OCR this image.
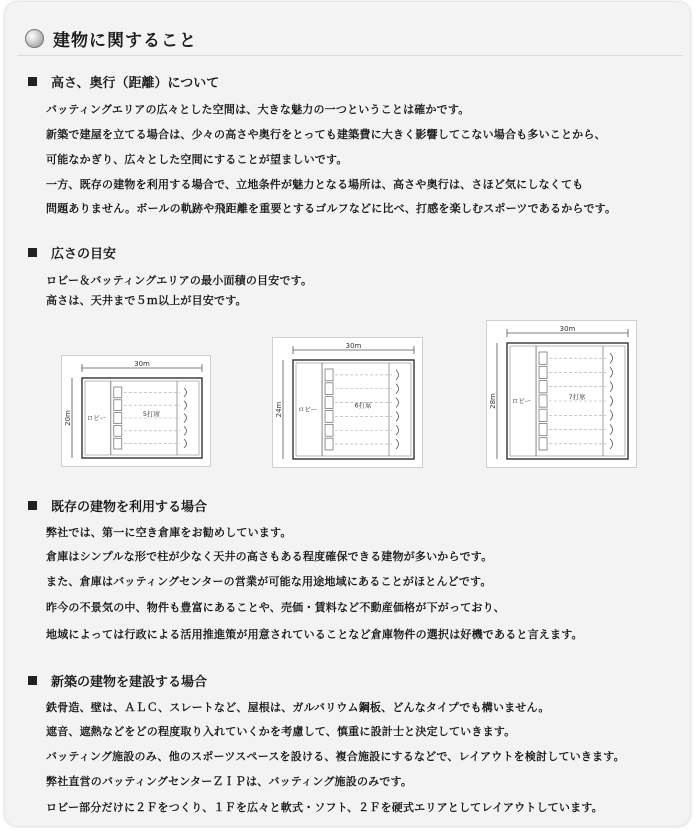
建物に関すること
高さ、奥行（距離）について
バッティングエリアの広々とした空間は、大きな魅力の一つということは確かです。
新築で建屋を立てる場合は、少々の高さや奥行をとっても建築費に大きく影響してこない場合も多いことから、
可能なかぎり、広々とした空間にすることが望ましいです。
一方、既存の建物を利用する場合で、立地条件が魅力となる場所は、高さや奥行は、さほど気にしなくても
問題ありません。ボールの軌跡や飛距離を重要とするゴルフなどに比べ、打感を楽しむスポーツであるからです。
広さの目安
ロビー＆バッティングエリアの最小面積の目安です。
高さは、天井まで５ｍ以上が目安です。
30m
20m ロビー	5打席
30m
24m ロビー	6打席
30m
28m ロビー	7打席
既存の建物を利用する場合
弊社では、第一に空き倉庫をお勧めしています。
倉庫はシンプルな形で柱が少なく天井の高さもある程度確保できる建物が多いからです。
また、倉庫はバッティングセンターの営業が可能な用途地域にあることがほとんどです。
昨今の不景気の中、物件も豊富にあることや、売価・賃料など不動産価格が下がっており、
地域によっては行政による活用推進策が用意されていることなど倉庫物件の選択は好機であると言えます。
新築の建物を建設する場合
鉄骨造、壁は、ＡＬＣ、スレートなど、屋根は、ガルバリウム鋼板、どんなタイプでも構いません。
遮音、遮熱などをどの程度取り入れていくかを考慮して、慎重に設計士と決定していきます。
バッティング施設のみ、他のスポーツスペースを設ける、複合施設にするなどで、レイアウトを検討していきます。
弊社直営のバッティングセンターＺＩＰは、バッティング施設のみです。
ロビー部分だけに２Ｆをつくり、１Ｆを広々と軟式・ソフト、２Ｆを硬式エリアとしてレイアウトしています。
